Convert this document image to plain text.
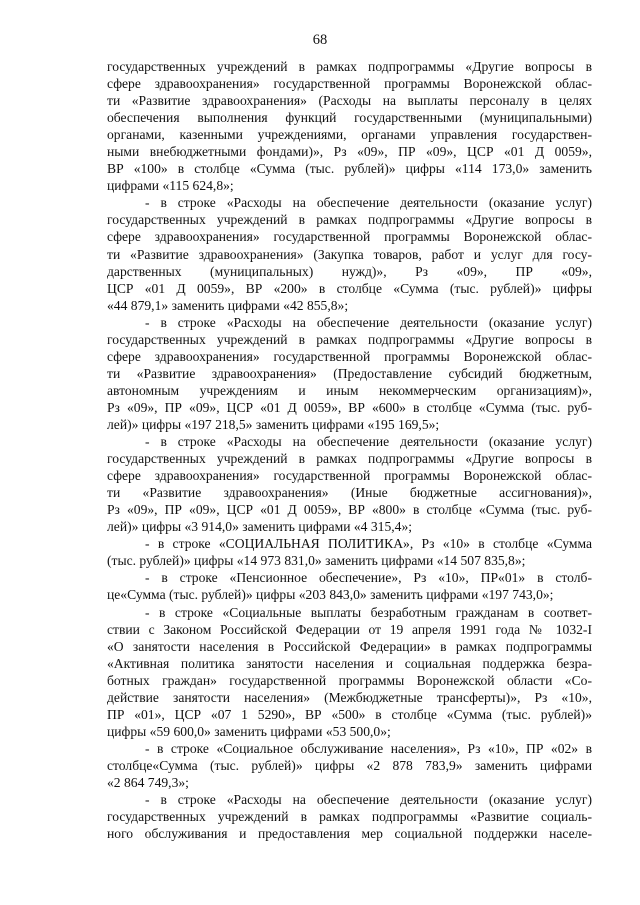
68
государственных учреждений в рамках подпрограммы «Другие вопросы в
сфере здравоохранения» государственной программы Воронежской облас-
ти «Развитие здравоохранения» (Расходы на выплаты персоналу в целях
обеспечения выполнения функций государственными (муниципальными)
органами, казенными учреждениями, органами управления государствен-
ными внебюджетными фондами)», Рз «09», ПР «09», ЦСР «01 Д 0059»,
ВР «100» в столбце «Сумма (тыс. рублей)» цифры «114 173,0» заменить
цифрами «115 624,8»;
- в строке «Расходы на обеспечение деятельности (оказание услуг)
государственных учреждений в рамках подпрограммы «Другие вопросы в
сфере здравоохранения» государственной программы Воронежской облас-
ти «Развитие здравоохранения» (Закупка товаров, работ и услуг для госу-
дарственных (муниципальных) нужд)», Рз «09», ПР «09»,
ЦСР «01 Д 0059», ВР «200» в столбце «Сумма (тыс. рублей)» цифры
«44 879,1» заменить цифрами «42 855,8»;
- в строке «Расходы на обеспечение деятельности (оказание услуг)
государственных учреждений в рамках подпрограммы «Другие вопросы в
сфере здравоохранения» государственной программы Воронежской облас-
ти «Развитие здравоохранения» (Предоставление субсидий бюджетным,
автономным учреждениям и иным некоммерческим организациям)»,
Рз «09», ПР «09», ЦСР «01 Д 0059», ВР «600» в столбце «Сумма (тыс. руб-
лей)» цифры «197 218,5» заменить цифрами «195 169,5»;
- в строке «Расходы на обеспечение деятельности (оказание услуг)
государственных учреждений в рамках подпрограммы «Другие вопросы в
сфере здравоохранения» государственной программы Воронежской облас-
ти «Развитие здравоохранения» (Иные бюджетные ассигнования)»,
Рз «09», ПР «09», ЦСР «01 Д 0059», ВР «800» в столбце «Сумма (тыс. руб-
лей)» цифры «3 914,0» заменить цифрами «4 315,4»;
- в строке «СОЦИАЛЬНАЯ ПОЛИТИКА», Рз «10» в столбце «Сумма
(тыс. рублей)» цифры «14 973 831,0» заменить цифрами «14 507 835,8»;
- в строке «Пенсионное обеспечение», Рз «10», ПР«01» в столб-
це«Сумма (тыс. рублей)» цифры «203 843,0» заменить цифрами «197 743,0»;
- в строке «Социальные выплаты безработным гражданам в соответ-
ствии с Законом Российской Федерации от 19 апреля 1991 года № 1032-I
«О занятости населения в Российской Федерации» в рамках подпрограммы
«Активная политика занятости населения и социальная поддержка безра-
ботных граждан» государственной программы Воронежской области «Со-
действие занятости населения» (Межбюджетные трансферты)», Рз «10»,
ПР «01», ЦСР «07 1 5290», ВР «500» в столбце «Сумма (тыс. рублей)»
цифры «59 600,0» заменить цифрами «53 500,0»;
- в строке «Социальное обслуживание населения», Рз «10», ПР «02» в
столбце«Сумма (тыс. рублей)» цифры «2 878 783,9» заменить цифрами
«2 864 749,3»;
- в строке «Расходы на обеспечение деятельности (оказание услуг)
государственных учреждений в рамках подпрограммы «Развитие социаль-
ного обслуживания и предоставления мер социальной поддержки населе-
